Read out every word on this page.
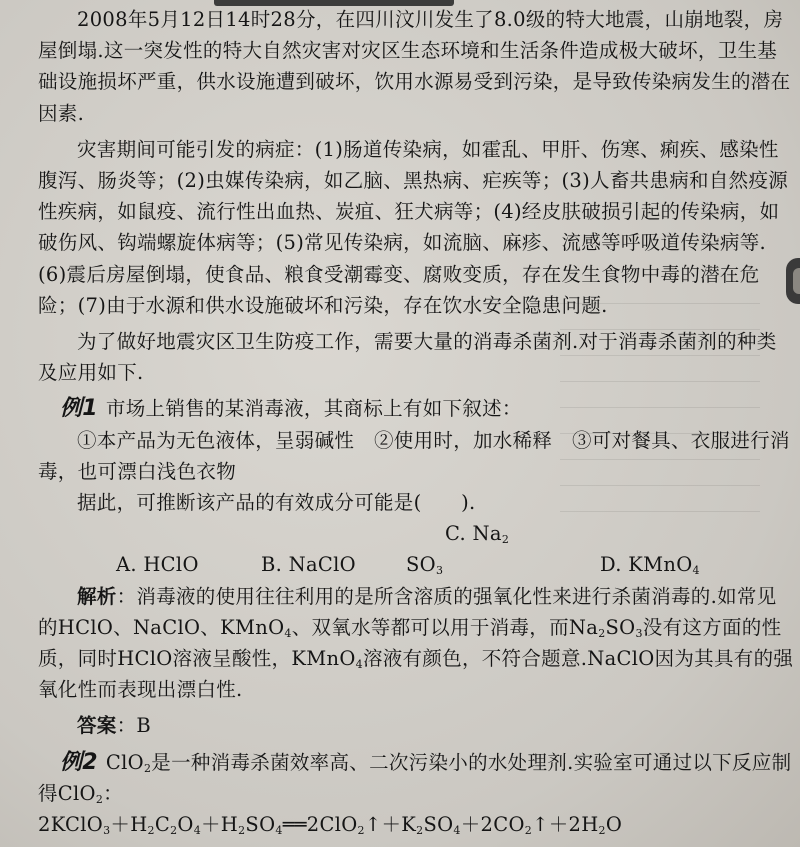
2008年5月12日14时28分，在四川汶川发生了8.0级的特大地震，山崩地裂，房屋倒塌.这一突发性的特大自然灾害对灾区生态环境和生活条件造成极大破坏，卫生基础设施损坏严重，供水设施遭到破坏，饮用水源易受到污染，是导致传染病发生的潜在因素.

灾害期间可能引发的病症：(1)肠道传染病，如霍乱、甲肝、伤寒、痢疾、感染性腹泻、肠炎等；(2)虫媒传染病，如乙脑、黑热病、疟疾等；(3)人畜共患病和自然疫源性疾病，如鼠疫、流行性出血热、炭疽、狂犬病等；(4)经皮肤破损引起的传染病，如破伤风、钩端螺旋体病等；(5)常见传染病，如流脑、麻疹、流感等呼吸道传染病等.(6)震后房屋倒塌，使食品、粮食受潮霉变、腐败变质，存在发生食物中毒的潜在危险；(7)由于水源和供水设施破坏和污染，存在饮水安全隐患问题.

为了做好地震灾区卫生防疫工作，需要大量的消毒杀菌剂.对于消毒杀菌剂的种类及应用如下.

例1 市场上销售的某消毒液，其商标上有如下叙述：

①本产品为无色液体，呈弱碱性　②使用时，加水稀释　③可对餐具、衣服进行消毒，也可漂白浅色衣物

据此，可推断该产品的有效成分可能是(　　).

A. HClO	B. NaClOC. $Na_2SO_3$	D. KMnO$_4$

解析：消毒液的使用往往利用的是所含溶质的强氧化性来进行杀菌消毒的.如常见的HClO、NaClO、KMnO$_4$、双氧水等都可以用于消毒，而$Na_2SO_3$没有这方面的性质，同时HClO溶液呈酸性，KMnO$_4$溶液有颜色，不符合题意.NaClO因为其具有的强氧化性而表现出漂白性.

答案：B

例2 ClO$_2$是一种消毒杀菌效率高、二次污染小的水处理剂.实验室可通过以下反应制得ClO$_2$：

$2KClO_3+H_2C_2O_4+H_2SO_4══2ClO_2↑+K_2SO_4+2CO_2↑+2H_2O$
